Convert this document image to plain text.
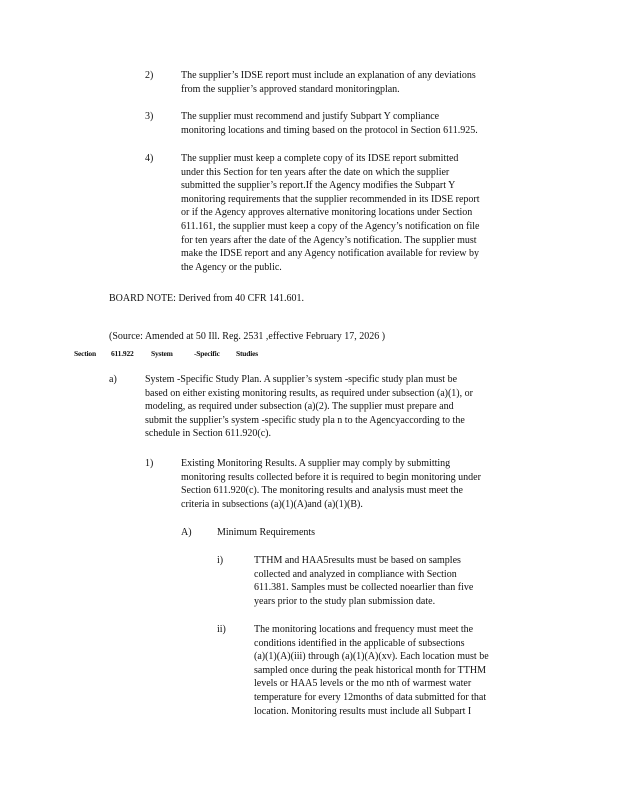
2)	The supplier’s IDSE report must include an explanation of any deviations
from the supplier’s approved standard monitoringplan.
3)	The supplier must recommend and justify Subpart Y compliance
monitoring locations and timing based on the protocol in Section 611.925.
4)	The supplier must keep a complete copy of its IDSE report submitted
under this Section for ten years after the date on which the supplier
submitted the supplier’s report.If the Agency modifies the Subpart Y
monitoring requirements that the supplier recommended in its IDSE report
or if the Agency approves alternative monitoring locations under Section
611.161, the supplier must keep a copy of the Agency’s notification on file
for ten years after the date of the Agency’s notification. The supplier must
make the IDSE report and any Agency notification available for review by
the Agency or the public.
BOARD NOTE: Derived from 40 CFR 141.601.
(Source: Amended at 50 Ill. Reg. 2531 ,effective February 17, 2026 )
Section 611.922 System	-Specific Studies
a)	System -Specific Study Plan. A supplier’s system -specific study plan must be
based on either existing monitoring results, as required under subsection (a)(1), or
modeling, as required under subsection (a)(2). The supplier must prepare and
submit the supplier’s system -specific study pla n to the Agencyaccording to the
schedule in Section 611.920(c).
1)	Existing Monitoring Results. A supplier may comply by submitting
monitoring results collected before it is required to begin monitoring under
Section 611.920(c). The monitoring results and analysis must meet the
criteria in subsections (a)(1)(A)and (a)(1)(B).
A)	Minimum Requirements
i)	TTHM and HAA5results must be based on samples
collected and analyzed in compliance with Section
611.381. Samples must be collected noearlier than five
years prior to the study plan submission date.
ii)	The monitoring locations and frequency must meet the
conditions identified in the applicable of subsections
(a)(1)(A)(iii) through (a)(1)(A)(xv). Each location must be
sampled once during the peak historical month for TTHM
levels or HAA5 levels or the mo nth of warmest water
temperature for every 12months of data submitted for that
location. Monitoring results must include all Subpart I
